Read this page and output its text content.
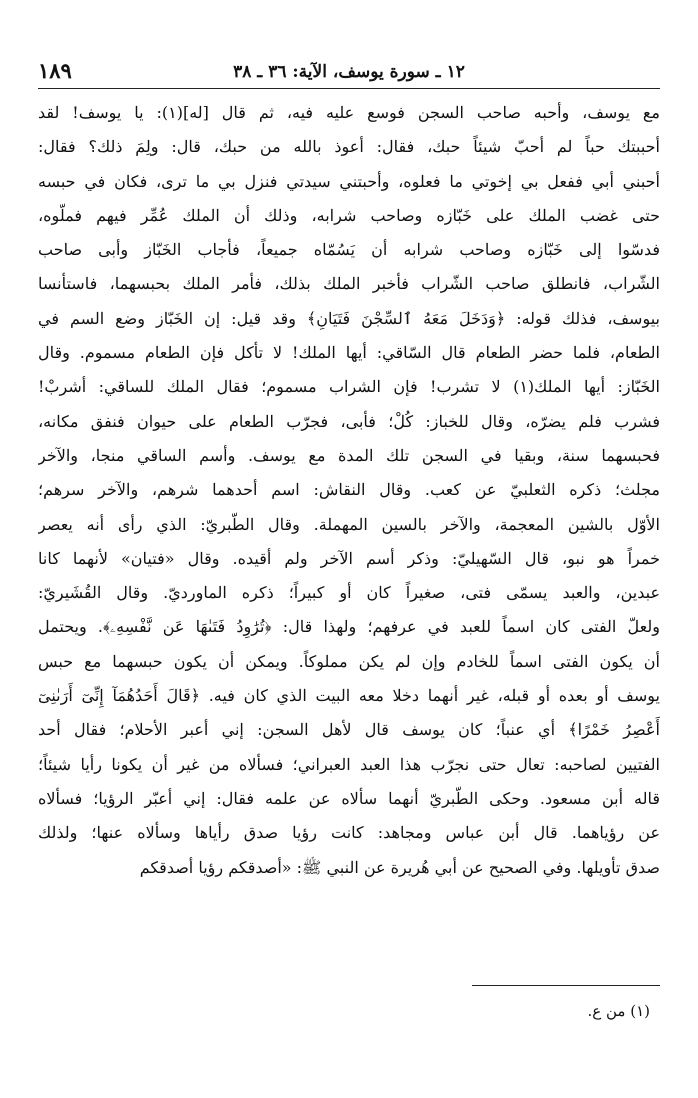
١٨٩	١٢ ـ سورة يوسف، الآية: ٣٦ ـ ٣٨
مع يوسف، وأحبه صاحب السجن فوسع عليه فيه، ثم قال [له](١): يا يوسف! لقد
أحببتك حباً لم أحبّ شيئاً حبك، فقال: أعوذ بالله من حبك، قال: ولِمَ ذلك؟ فقال:
أحبني أبي ففعل بي إخوتي ما فعلوه، وأحبتني سيدتي فنزل بي ما ترى، فكان في حبسه
حتى غضب الملك على خَبّازه وصاحب شرابه، وذلك أن الملك عُمِّر فيهم فملّوه،
فدسّوا إلى خَبّازه وصاحب شرابه أن يَسُمّاه جميعاً، فأجاب الخَبّاز وأبى صاحب
الشّراب، فانطلق صاحب الشّراب فأخبر الملك بذلك، فأمر الملك بحبسهما، فاستأنسا
بيوسف، فذلك قوله: ﴿وَدَخَلَ مَعَهُ ٱلسِّجْنَ فَتَيَانِ﴾ وقد قيل: إن الخَبّاز وضع السم في
الطعام، فلما حضر الطعام قال السّاقي: أيها الملك! لا تأكل فإن الطعام مسموم. وقال
الخَبّاز: أيها الملك(١) لا تشرب! فإن الشراب مسموم؛ فقال الملك للساقي: أشربْ!
فشرب فلم يضرّه، وقال للخباز: كُلْ؛ فأبى، فجرّب الطعام على حيوان فنفق مكانه،
فحبسهما سنة، وبقيا في السجن تلك المدة مع يوسف. وأسم الساقي منجا، والآخر
مجلث؛ ذكره الثعلبيّ عن كعب. وقال النقاش: اسم أحدهما شرهم، والآخر سرهم؛
الأوّل بالشين المعجمة، والآخر بالسين المهملة. وقال الطّبريّ: الذي رأى أنه يعصر
خمراً هو نبو، قال السّهيليّ: وذكر أسم الآخر ولم أقيده. وقال «فتيان» لأنهما كانا
عبدين، والعبد يسمّى فتى، صغيراً كان أو كبيراً؛ ذكره الماورديّ. وقال القُشَيريّ:
ولعلّ الفتى كان اسماً للعبد في عرفهم؛ ولهذا قال: ﴿تُرَٰوِدُ فَتَىٰهَا عَن نَّفْسِهِۦ﴾. ويحتمل
أن يكون الفتى اسماً للخادم وإن لم يكن مملوكاً. ويمكن أن يكون حبسهما مع حبس
يوسف أو بعده أو قبله، غير أنهما دخلا معه البيت الذي كان فيه. ﴿قَالَ أَحَدُهُمَآ إِنِّىٓ أَرَىٰنِىٓ
أَعْصِرُ خَمْرًا﴾ أي عنباً؛ كان يوسف قال لأهل السجن: إني أعبر الأحلام؛ فقال أحد
الفتيين لصاحبه: تعال حتى نجرّب هذا العبد العبراني؛ فسألاه من غير أن يكونا رأيا شيئاً؛
قاله أبن مسعود. وحكى الطّبريّ أنهما سألاه عن علمه فقال: إني أعبّر الرؤيا؛ فسألاه
عن رؤياهما. قال أبن عباس ومجاهد: كانت رؤيا صدق رأياها وسألاه عنها؛ ولذلك
صدق تأويلها. وفي الصحيح عن أبي هُريرة عن النبي ﷺ: «أصدقكم رؤيا أصدقكم
(١) من ع.
